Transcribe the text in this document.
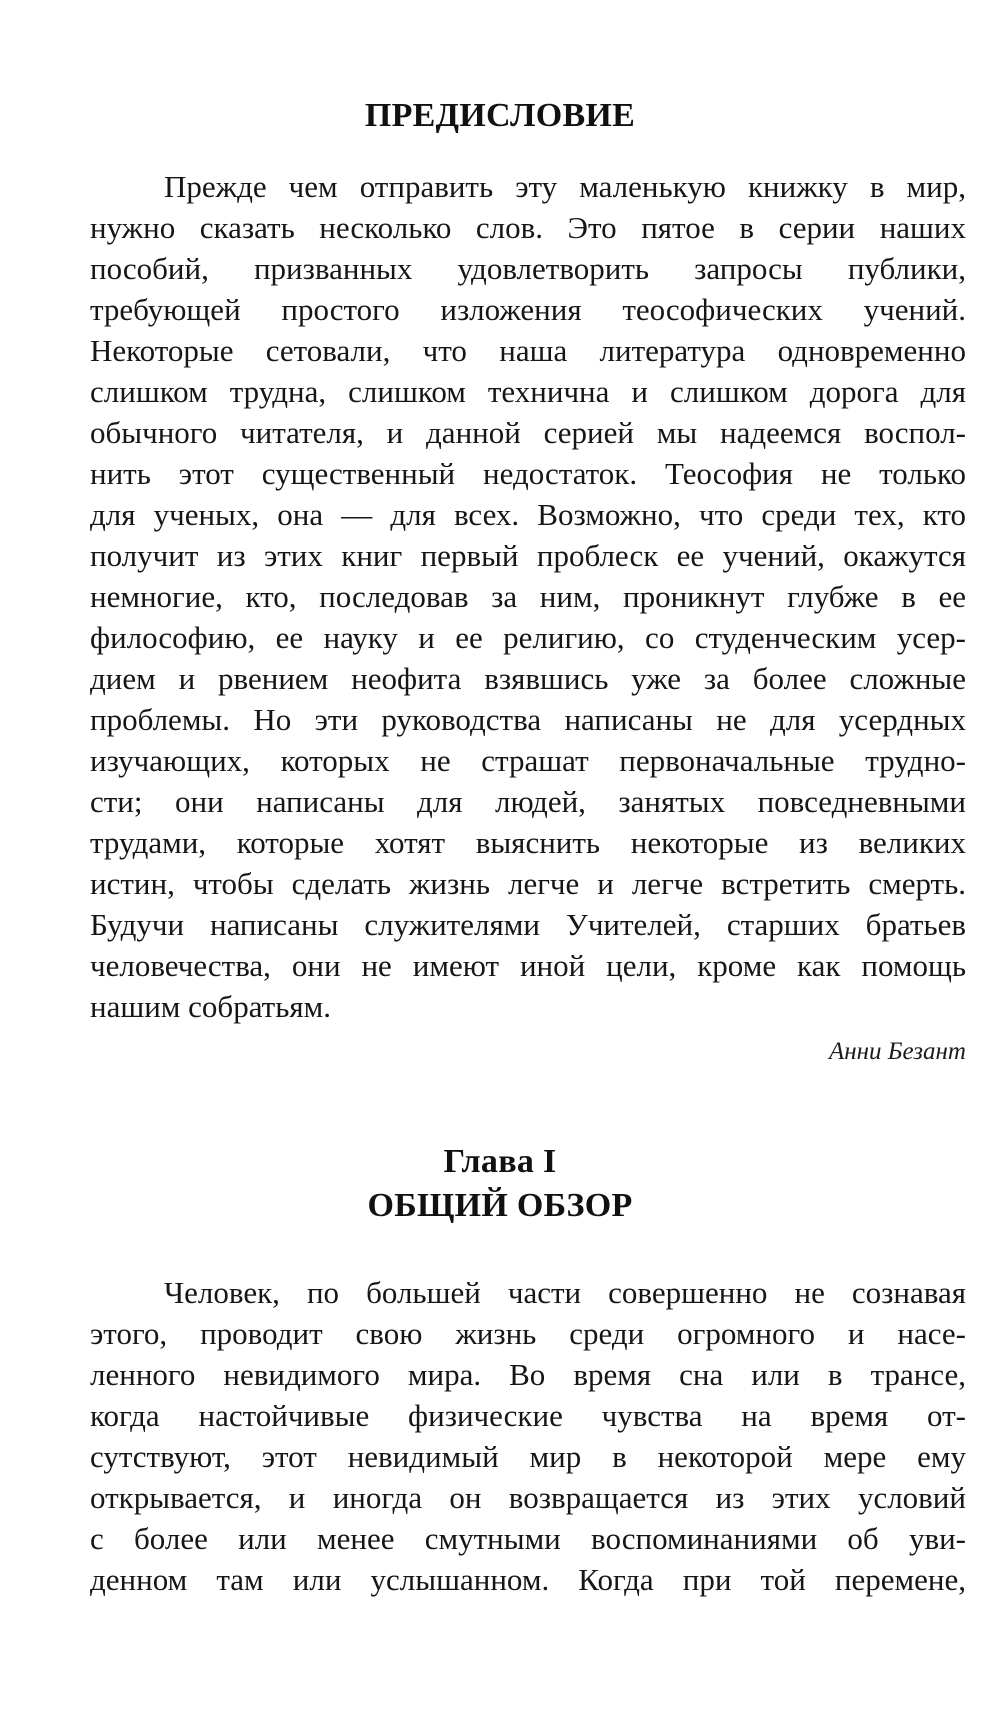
ПРЕДИСЛОВИЕ
Прежде чем отправить эту маленькую книжку в мир,
нужно сказать несколько слов. Это пятое в серии наших
пособий, призванных удовлетворить запросы публики,
требующей простого изложения теософических учений.
Некоторые сетовали, что наша литература одновременно
слишком трудна, слишком технична и слишком дорога для
обычного читателя, и данной серией мы надеемся воспол-
нить этот существенный недостаток. Теософия не только
для ученых, она — для всех. Возможно, что среди тех, кто
получит из этих книг первый проблеск ее учений, окажутся
немногие, кто, последовав за ним, проникнут глубже в ее
философию, ее науку и ее религию, со студенческим усер-
дием и рвением неофита взявшись уже за более сложные
проблемы. Но эти руководства написаны не для усердных
изучающих, которых не страшат первоначальные трудно-
сти; они написаны для людей, занятых повседневными
трудами, которые хотят выяснить некоторые из великих
истин, чтобы сделать жизнь легче и легче встретить смерть.
Будучи написаны служителями Учителей, старших братьев
человечества, они не имеют иной цели, кроме как помощь
нашим собратьям.
Анни Безант
Глава I
ОБЩИЙ ОБЗОР
Человек, по большей части совершенно не сознавая
этого, проводит свою жизнь среди огромного и насе-
ленного невидимого мира. Во время сна или в трансе,
когда настойчивые физические чувства на время от-
сутствуют, этот невидимый мир в некоторой мере ему
открывается, и иногда он возвращается из этих условий
с более или менее смутными воспоминаниями об уви-
денном там или услышанном. Когда при той перемене,
